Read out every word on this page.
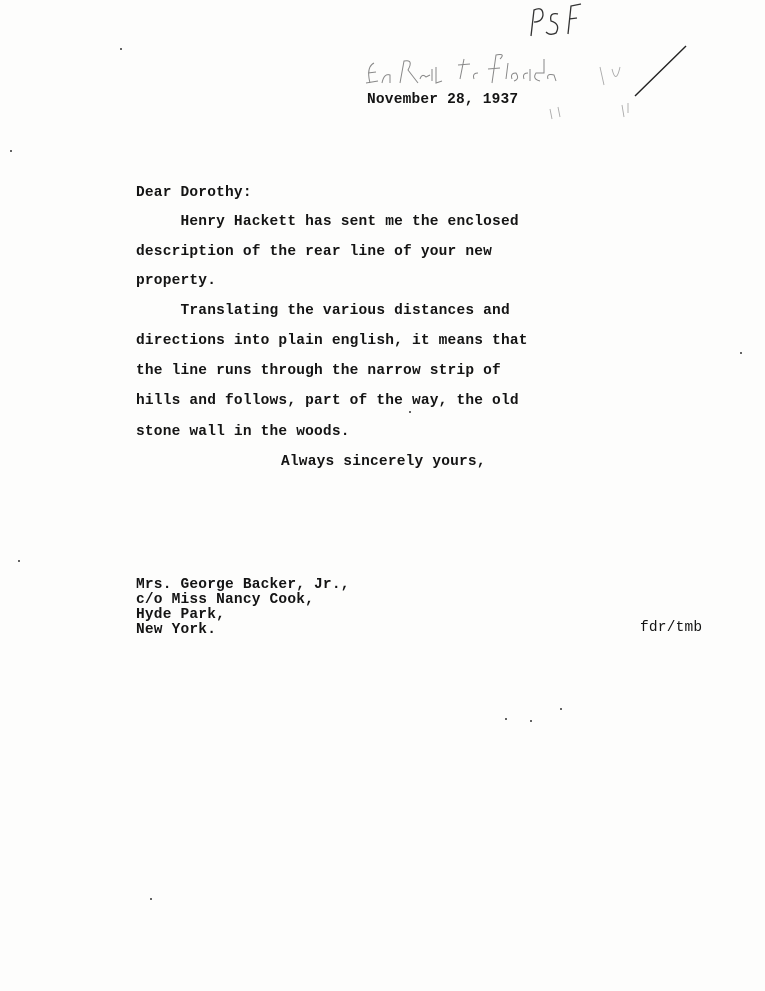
November 28, 1937
Dear Dorothy:
Henry Hackett has sent me the enclosed
description of the rear line of your new
property.
Translating the various distances and
directions into plain english, it means that
the line runs through the narrow strip of
hills and follows, part of the way, the old
stone wall in the woods.
Always sincerely yours,
Mrs. George Backer, Jr.,
c/o Miss Nancy Cook,
Hyde Park,
New York.	fdr/tmb
